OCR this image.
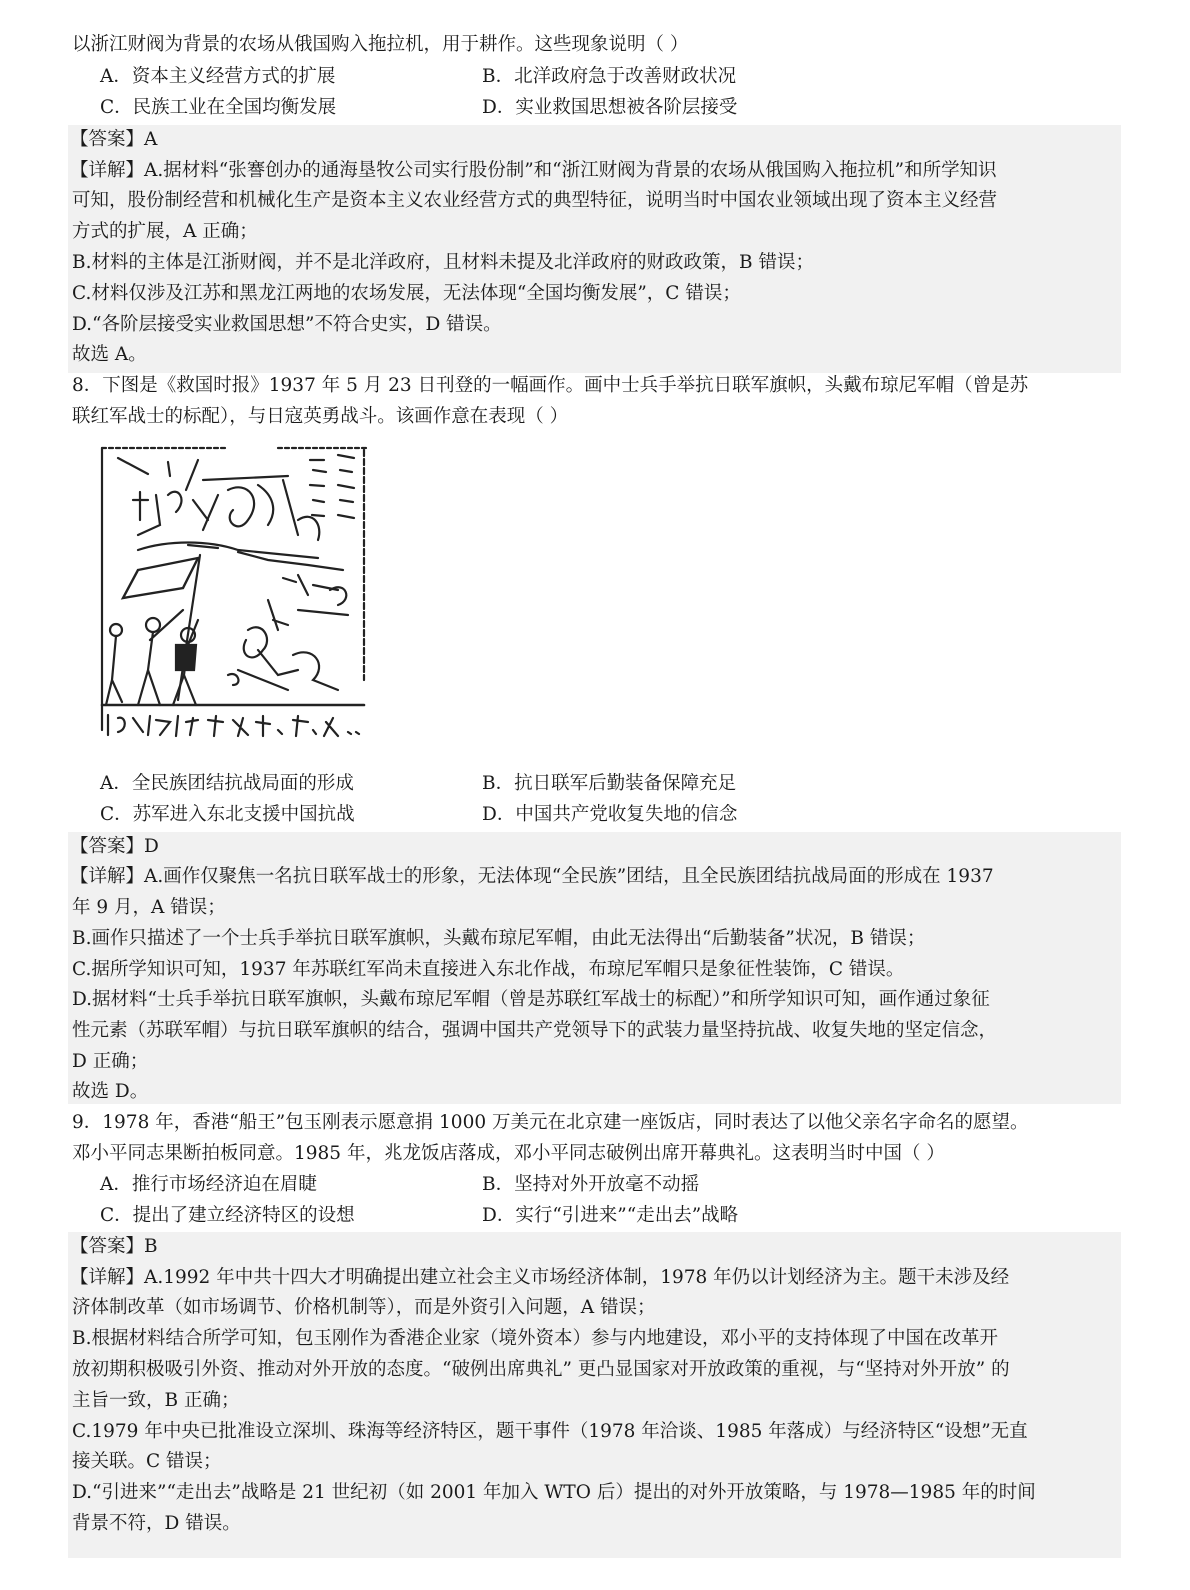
以浙江财阀为背景的农场从俄国购入拖拉机，用于耕作。这些现象说明（ ）
A．资本主义经营方式的扩展	B．北洋政府急于改善财政状况
C．民族工业在全国均衡发展	D．实业救国思想被各阶层接受
【答案】A
【详解】A.据材料“张謇创办的通海垦牧公司实行股份制”和“浙江财阀为背景的农场从俄国购入拖拉机”和所学知识
可知，股份制经营和机械化生产是资本主义农业经营方式的典型特征，说明当时中国农业领域出现了资本主义经营
方式的扩展，A 正确；
B.材料的主体是江浙财阀，并不是北洋政府，且材料未提及北洋政府的财政政策，B 错误；
C.材料仅涉及江苏和黑龙江两地的农场发展，无法体现“全国均衡发展”，C 错误；
D.“各阶层接受实业救国思想”不符合史实，D 错误。
故选 A。
8．下图是《救国时报》1937 年 5 月 23 日刊登的一幅画作。画中士兵手举抗日联军旗帜，头戴布琼尼军帽（曾是苏
联红军战士的标配），与日寇英勇战斗。该画作意在表现（ ）
A．全民族团结抗战局面的形成	B．抗日联军后勤装备保障充足
C．苏军进入东北支援中国抗战	D．中国共产党收复失地的信念
【答案】D
【详解】A.画作仅聚焦一名抗日联军战士的形象，无法体现“全民族”团结，且全民族团结抗战局面的形成在 1937
年 9 月，A 错误；
B.画作只描述了一个士兵手举抗日联军旗帜，头戴布琼尼军帽，由此无法得出“后勤装备”状况，B 错误；
C.据所学知识可知，1937 年苏联红军尚未直接进入东北作战，布琼尼军帽只是象征性装饰，C 错误。
D.据材料“士兵手举抗日联军旗帜，头戴布琼尼军帽（曾是苏联红军战士的标配）”和所学知识可知，画作通过象征
性元素（苏联军帽）与抗日联军旗帜的结合，强调中国共产党领导下的武装力量坚持抗战、收复失地的坚定信念，
D 正确；
故选 D。
9．1978 年，香港“船王”包玉刚表示愿意捐 1000 万美元在北京建一座饭店，同时表达了以他父亲名字命名的愿望。
邓小平同志果断拍板同意。1985 年，兆龙饭店落成，邓小平同志破例出席开幕典礼。这表明当时中国（ ）
A．推行市场经济迫在眉睫	B．坚持对外开放毫不动摇
C．提出了建立经济特区的设想	D．实行“引进来”“走出去”战略
【答案】B
【详解】A.1992 年中共十四大才明确提出建立社会主义市场经济体制，1978 年仍以计划经济为主。题干未涉及经
济体制改革（如市场调节、价格机制等），而是外资引入问题，A 错误；
B.根据材料结合所学可知，包玉刚作为香港企业家（境外资本）参与内地建设，邓小平的支持体现了中国在改革开
放初期积极吸引外资、推动对外开放的态度。“破例出席典礼” 更凸显国家对开放政策的重视，与“坚持对外开放” 的
主旨一致，B 正确；
C.1979 年中央已批准设立深圳、珠海等经济特区，题干事件（1978 年洽谈、1985 年落成）与经济特区“设想”无直
接关联。C 错误；
D.“引进来”“走出去”战略是 21 世纪初（如 2001 年加入 WTO 后）提出的对外开放策略，与 1978—1985 年的时间
背景不符，D 错误。
